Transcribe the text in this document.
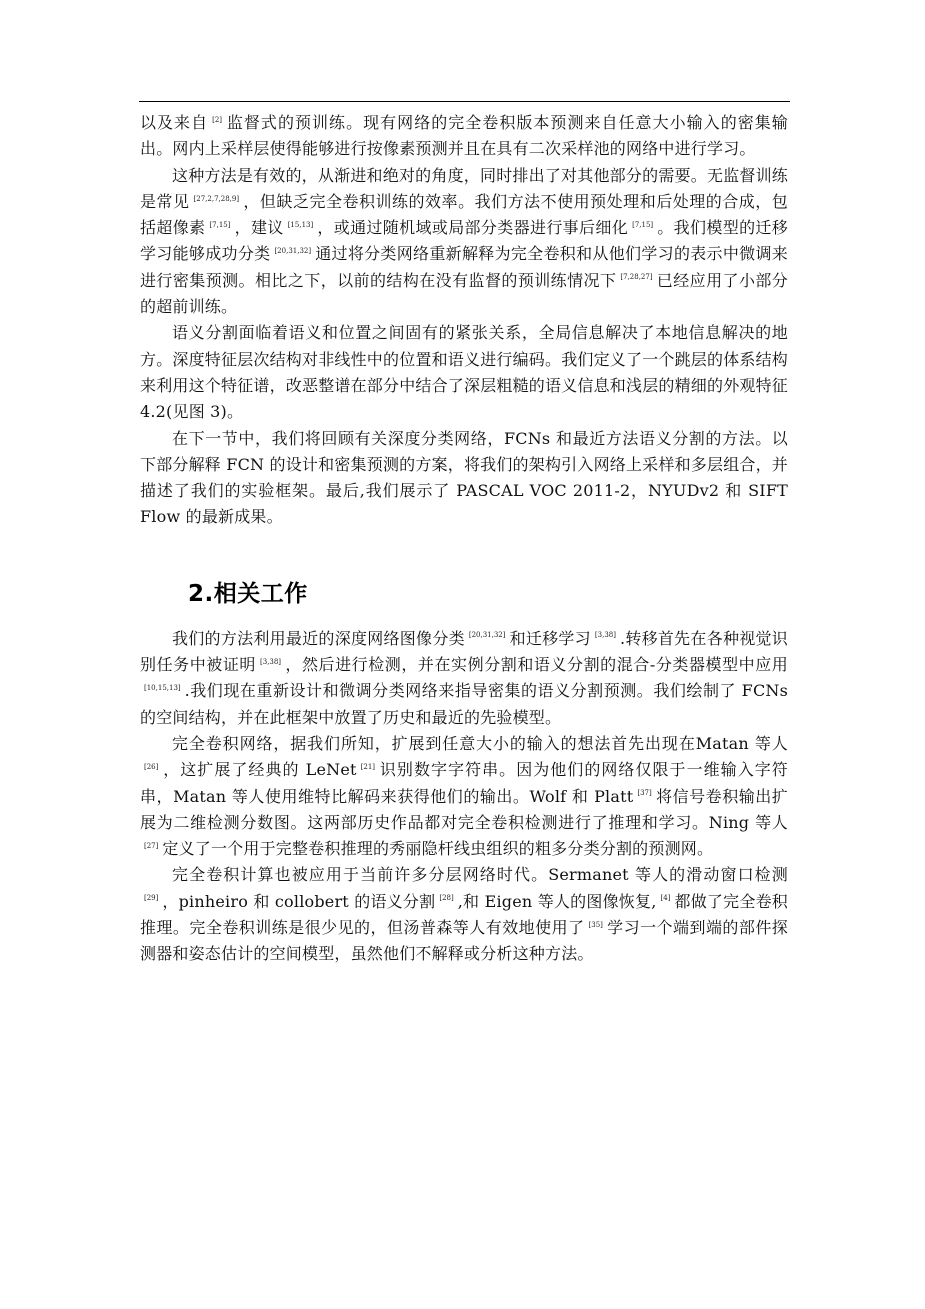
以及来自 [2] 监督式的预训练。现有网络的完全卷积版本预测来自任意大小输入的密集输出。网内上采样层使得能够进行按像素预测并且在具有二次采样池的网络中进行学习。

这种方法是有效的，从渐进和绝对的角度，同时排出了对其他部分的需要。无监督训练是常见 [27,2,7,28,9] ，但缺乏完全卷积训练的效率。我们方法不使用预处理和后处理的合成，包括超像素 [7,15] ，建议 [15,13] ，或通过随机域或局部分类器进行事后细化 [7,15] 。我们模型的迁移学习能够成功分类 [20,31,32] 通过将分类网络重新解释为完全卷积和从他们学习的表示中微调来进行密集预测。相比之下，以前的结构在没有监督的预训练情况下 [7,28,27] 已经应用了小部分的超前训练。

语义分割面临着语义和位置之间固有的紧张关系，全局信息解决了本地信息解决的地方。深度特征层次结构对非线性中的位置和语义进行编码。我们定义了一个跳层的体系结构来利用这个特征谱，改恶整谱在部分中结合了深层粗糙的语义信息和浅层的精细的外观特征 4.2(见图 3)。

在下一节中，我们将回顾有关深度分类网络，FCNs 和最近方法语义分割的方法。以下部分解释 FCN 的设计和密集预测的方案，将我们的架构引入网络上采样和多层组合，并描述了我们的实验框架。最后,我们展示了 PASCAL VOC 2011-2，NYUDv2 和 SIFT Flow 的最新成果。

2.相关工作

我们的方法利用最近的深度网络图像分类 [20,31,32] 和迁移学习 [3,38] .转移首先在各种视觉识别任务中被证明 [3,38] ，然后进行检测，并在实例分割和语义分割的混合-分类器模型中应用[10,15,13] .我们现在重新设计和微调分类网络来指导密集的语义分割预测。我们绘制了 FCNs 的空间结构，并在此框架中放置了历史和最近的先验模型。

完全卷积网络，据我们所知，扩展到任意大小的输入的想法首先出现在Matan 等人[26] ，这扩展了经典的 LeNet [21] 识别数字字符串。因为他们的网络仅限于一维输入字符串，Matan 等人使用维特比解码来获得他们的输出。Wolf 和 Platt [37] 将信号卷积输出扩展为二维检测分数图。这两部历史作品都对完全卷积检测进行了推理和学习。Ning 等人[27] 定义了一个用于完整卷积推理的秀丽隐杆线虫组织的粗多分类分割的预测网。

完全卷积计算也被应用于当前许多分层网络时代。Sermanet 等人的滑动窗口检测[29] ，pinheiro 和 collobert 的语义分割 [28] ,和 Eigen 等人的图像恢复, [4] 都做了完全卷积推理。完全卷积训练是很少见的，但汤普森等人有效地使用了 [35] 学习一个端到端的部件探测器和姿态估计的空间模型，虽然他们不解释或分析这种方法。
